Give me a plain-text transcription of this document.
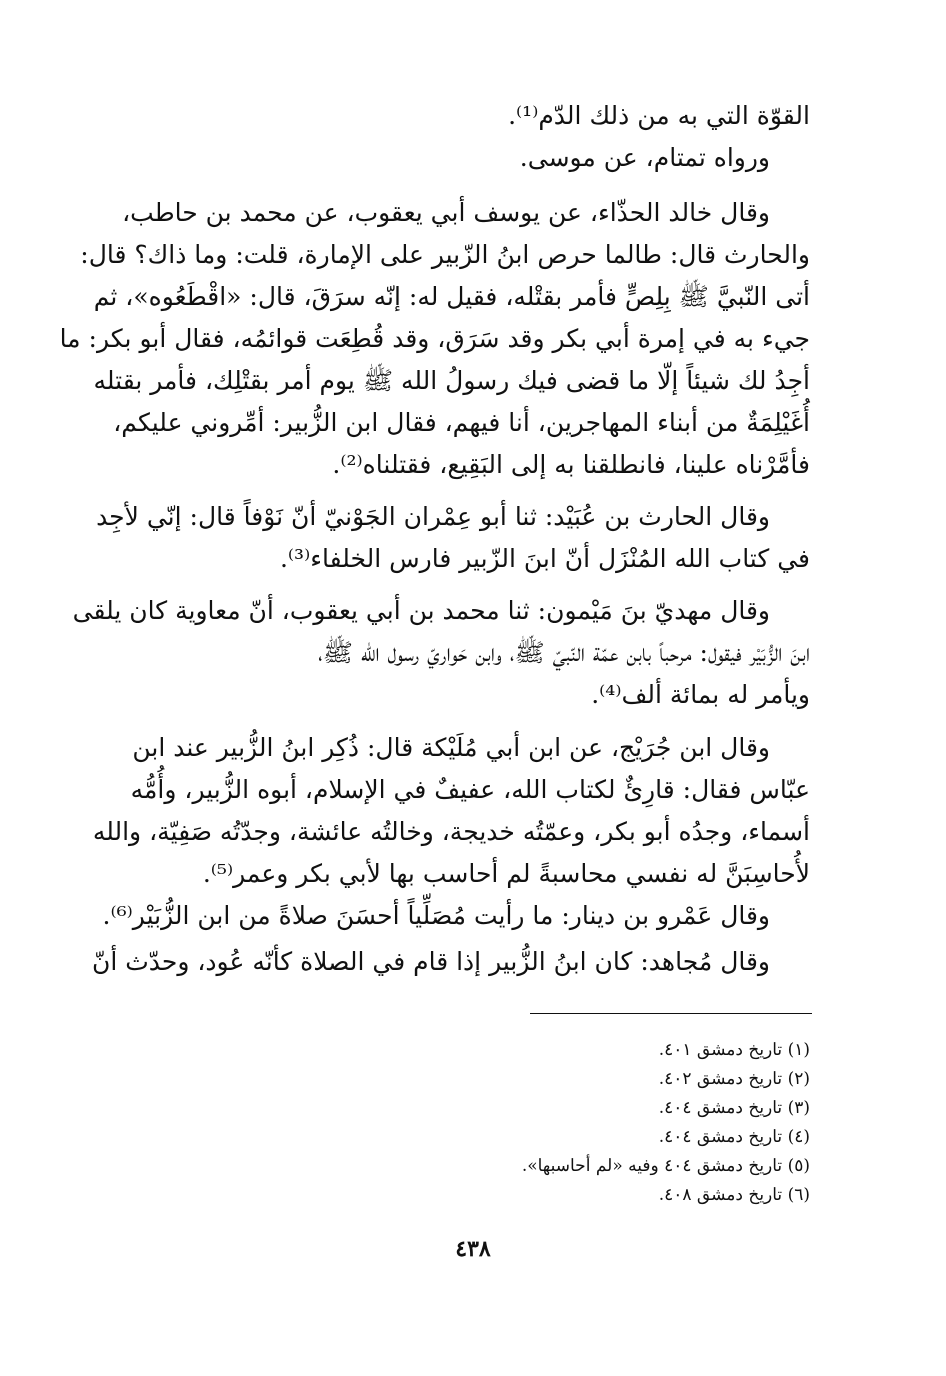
القوّة التي به من ذلك الدّم⁽¹⁾.
ورواه تمتام، عن موسى.
وقال خالد الحذّاء، عن يوسف أبي يعقوب، عن محمد بن حاطب،
والحارث قال: طالما حرص ابنُ الزّبير على الإمارة، قلت: وما ذاك؟ قال:
أتى النّبيَّ ﷺ بِلِصٍّ فأمر بقتْله، فقيل له: إنّه سرَقَ، قال: «اقْطَعُوه»، ثم
جيء به في إمرة أبي بكر وقد سَرَق، وقد قُطِعَت قوائمُه، فقال أبو بكر: ما
أجِدُ لك شيئاً إلّا ما قضى فيك رسولُ الله ﷺ يوم أمر بقتْلِك، فأمر بقتله
أُغَيْلِمَةٌ من أبناء المهاجرين، أنا فيهم، فقال ابن الزُّبير: أمِّروني عليكم،
فأمَّرْناه علينا، فانطلقنا به إلى البَقِيع، فقتلناه⁽²⁾.
وقال الحارث بن عُبَيْد: ثنا أبو عِمْران الجَوْنيّ أنّ نَوْفاً قال: إنّي لأجِد
في كتاب الله المُنْزَل أنّ ابنَ الزّبير فارس الخلفاء⁽³⁾.
وقال مهديّ بنَ مَيْمون: ثنا محمد بن أبي يعقوب، أنّ معاوية كان يلقى
ابنَ الزُّبَيْر فيقول: مرحباً بابن عمّة النّبيّ ﷺ، وابن حَواريّ رسول الله ﷺ،
ويأمر له بمائة ألف⁽⁴⁾.
وقال ابن جُرَيْج، عن ابن أبي مُلَيْكة قال: ذُكِر ابنُ الزُّبير عند ابن
عبّاس فقال: قارِئٌ لكتاب الله، عفيفٌ في الإسلام، أبوه الزُّبير، وأُمُّه
أسماء، وجدُه أبو بكر، وعمّتُه خديجة، وخالتُه عائشة، وجدّتُه صَفِيّة، والله
لأُحاسِبَنَّ له نفسي محاسبةً لم أحاسب بها لأبي بكر وعمر⁽⁵⁾.
وقال عَمْرو بن دينار: ما رأيت مُصَلِّياً أحسَنَ صلاةً من ابن الزُّبَيْر⁽⁶⁾.
وقال مُجاهد: كان ابنُ الزُّبير إذا قام في الصلاة كأنّه عُود، وحدّث أنّ
(١) تاريخ دمشق ٤٠١.
(٢) تاريخ دمشق ٤٠٢.
(٣) تاريخ دمشق ٤٠٤.
(٤) تاريخ دمشق ٤٠٤.
(٥) تاريخ دمشق ٤٠٤ وفيه «لم أحاسبها».
(٦) تاريخ دمشق ٤٠٨.
٤٣٨
